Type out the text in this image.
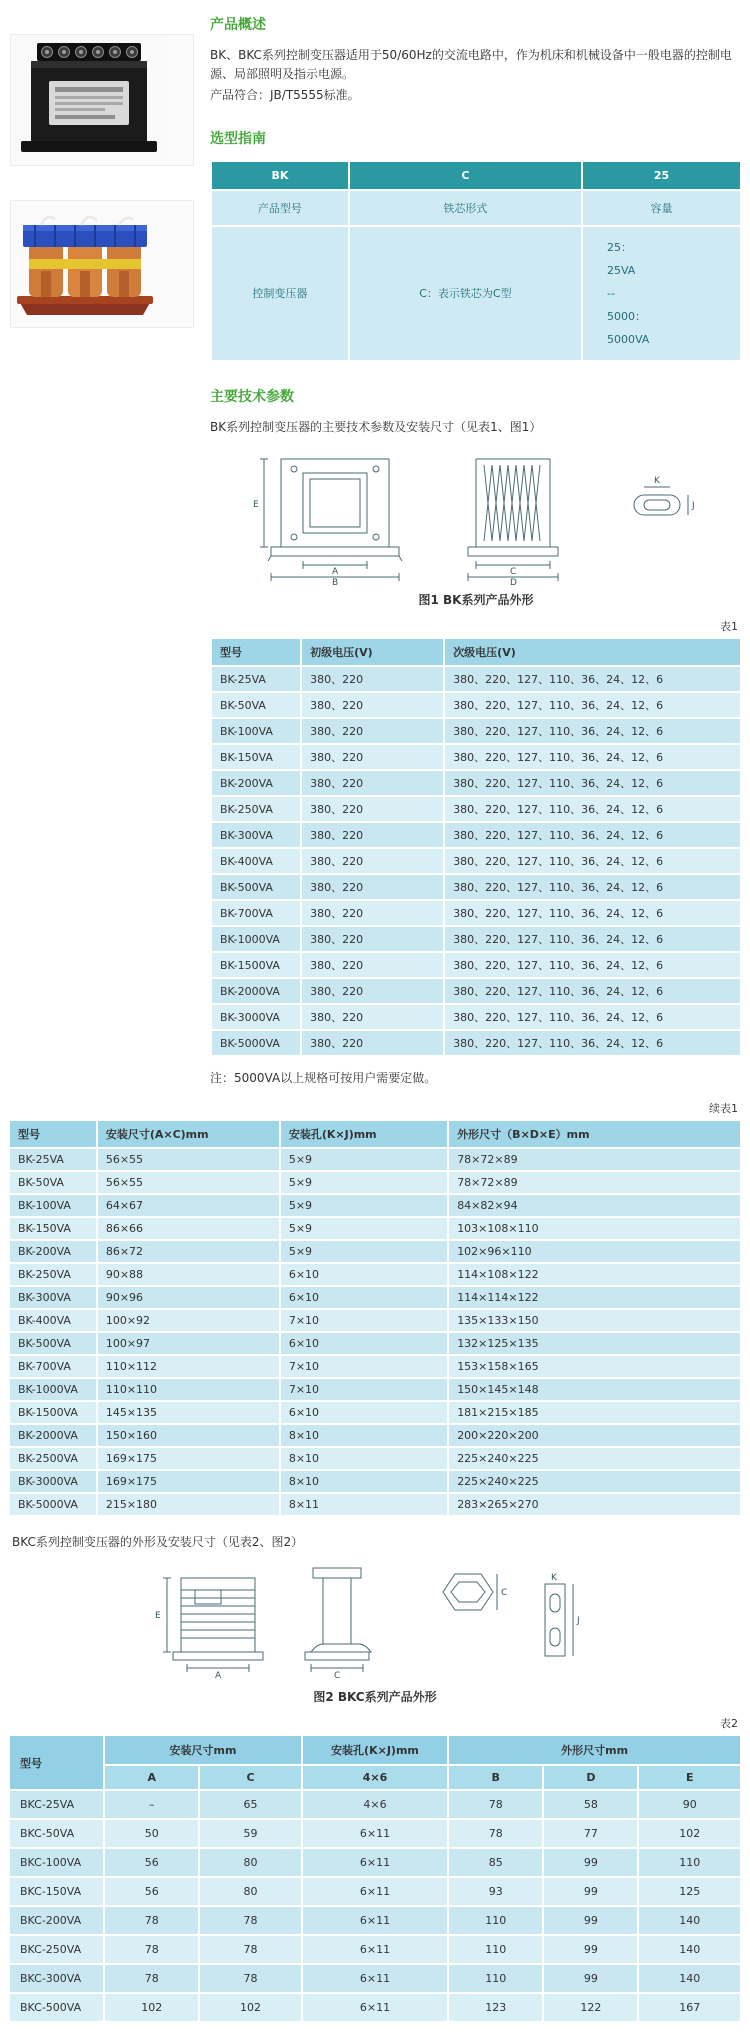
产品概述

BK、BKC系列控制变压器适用于50/60Hz的交流电路中，作为机床和机械设备中一般电器的控制电源、局部照明及指示电源。

产品符合：JB/T5555标准。

选型指南
BK	C	25
产品型号	铁芯形式	容量
控制变压器	C：表示铁芯为C型	25：
25VA
--
5000：
5000VA
主要技术参数

BK系列控制变压器的主要技术参数及安装尺寸（见表1、图1）

A
B
E
C
D
K
J
图1 BK系列产品外形
表1
型号	初级电压(V)	次级电压(V)
BK-25VA	380、220	380、220、127、110、36、24、12、6
BK-50VA	380、220	380、220、127、110、36、24、12、6
BK-100VA	380、220	380、220、127、110、36、24、12、6
BK-150VA	380、220	380、220、127、110、36、24、12、6
BK-200VA	380、220	380、220、127、110、36、24、12、6
BK-250VA	380、220	380、220、127、110、36、24、12、6
BK-300VA	380、220	380、220、127、110、36、24、12、6
BK-400VA	380、220	380、220、127、110、36、24、12、6
BK-500VA	380、220	380、220、127、110、36、24、12、6
BK-700VA	380、220	380、220、127、110、36、24、12、6
BK-1000VA	380、220	380、220、127、110、36、24、12、6
BK-1500VA	380、220	380、220、127、110、36、24、12、6
BK-2000VA	380、220	380、220、127、110、36、24、12、6
BK-3000VA	380、220	380、220、127、110、36、24、12、6
BK-5000VA	380、220	380、220、127、110、36、24、12、6

注：5000VA以上规格可按用户需要定做。

续表1
型号	安装尺寸(A×C)mm	安装孔(K×J)mm	外形尺寸（B×D×E）mm
BK-25VA	56×55	5×9	78×72×89
BK-50VA	56×55	5×9	78×72×89
BK-100VA	64×67	5×9	84×82×94
BK-150VA	86×66	5×9	103×108×110
BK-200VA	86×72	5×9	102×96×110
BK-250VA	90×88	6×10	114×108×122
BK-300VA	90×96	6×10	114×114×122
BK-400VA	100×92	7×10	135×133×150
BK-500VA	100×97	6×10	132×125×135
BK-700VA	110×112	7×10	153×158×165
BK-1000VA	110×110	7×10	150×145×148
BK-1500VA	145×135	6×10	181×215×185
BK-2000VA	150×160	8×10	200×220×200
BK-2500VA	169×175	8×10	225×240×225
BK-3000VA	169×175	8×10	225×240×225
BK-5000VA	215×180	8×11	283×265×270

BKC系列控制变压器的外形及安装尺寸（见表2、图2）

A
E
C
C
J
K
图2 BKC系列产品外形
表2
型号	安装尺寸mm		安装孔(K×J)mm	外形尺寸mm		
	A	C	4×6	B	D	E
BKC-25VA	–	65	4×6	78	58	90
BKC-50VA	50	59	6×11	78	77	102
BKC-100VA	56	80	6×11	85	99	110
BKC-150VA	56	80	6×11	93	99	125
BKC-200VA	78	78	6×11	110	99	140
BKC-250VA	78	78	6×11	110	99	140
BKC-300VA	78	78	6×11	110	99	140
BKC-500VA	102	102	6×11	123	122	167
